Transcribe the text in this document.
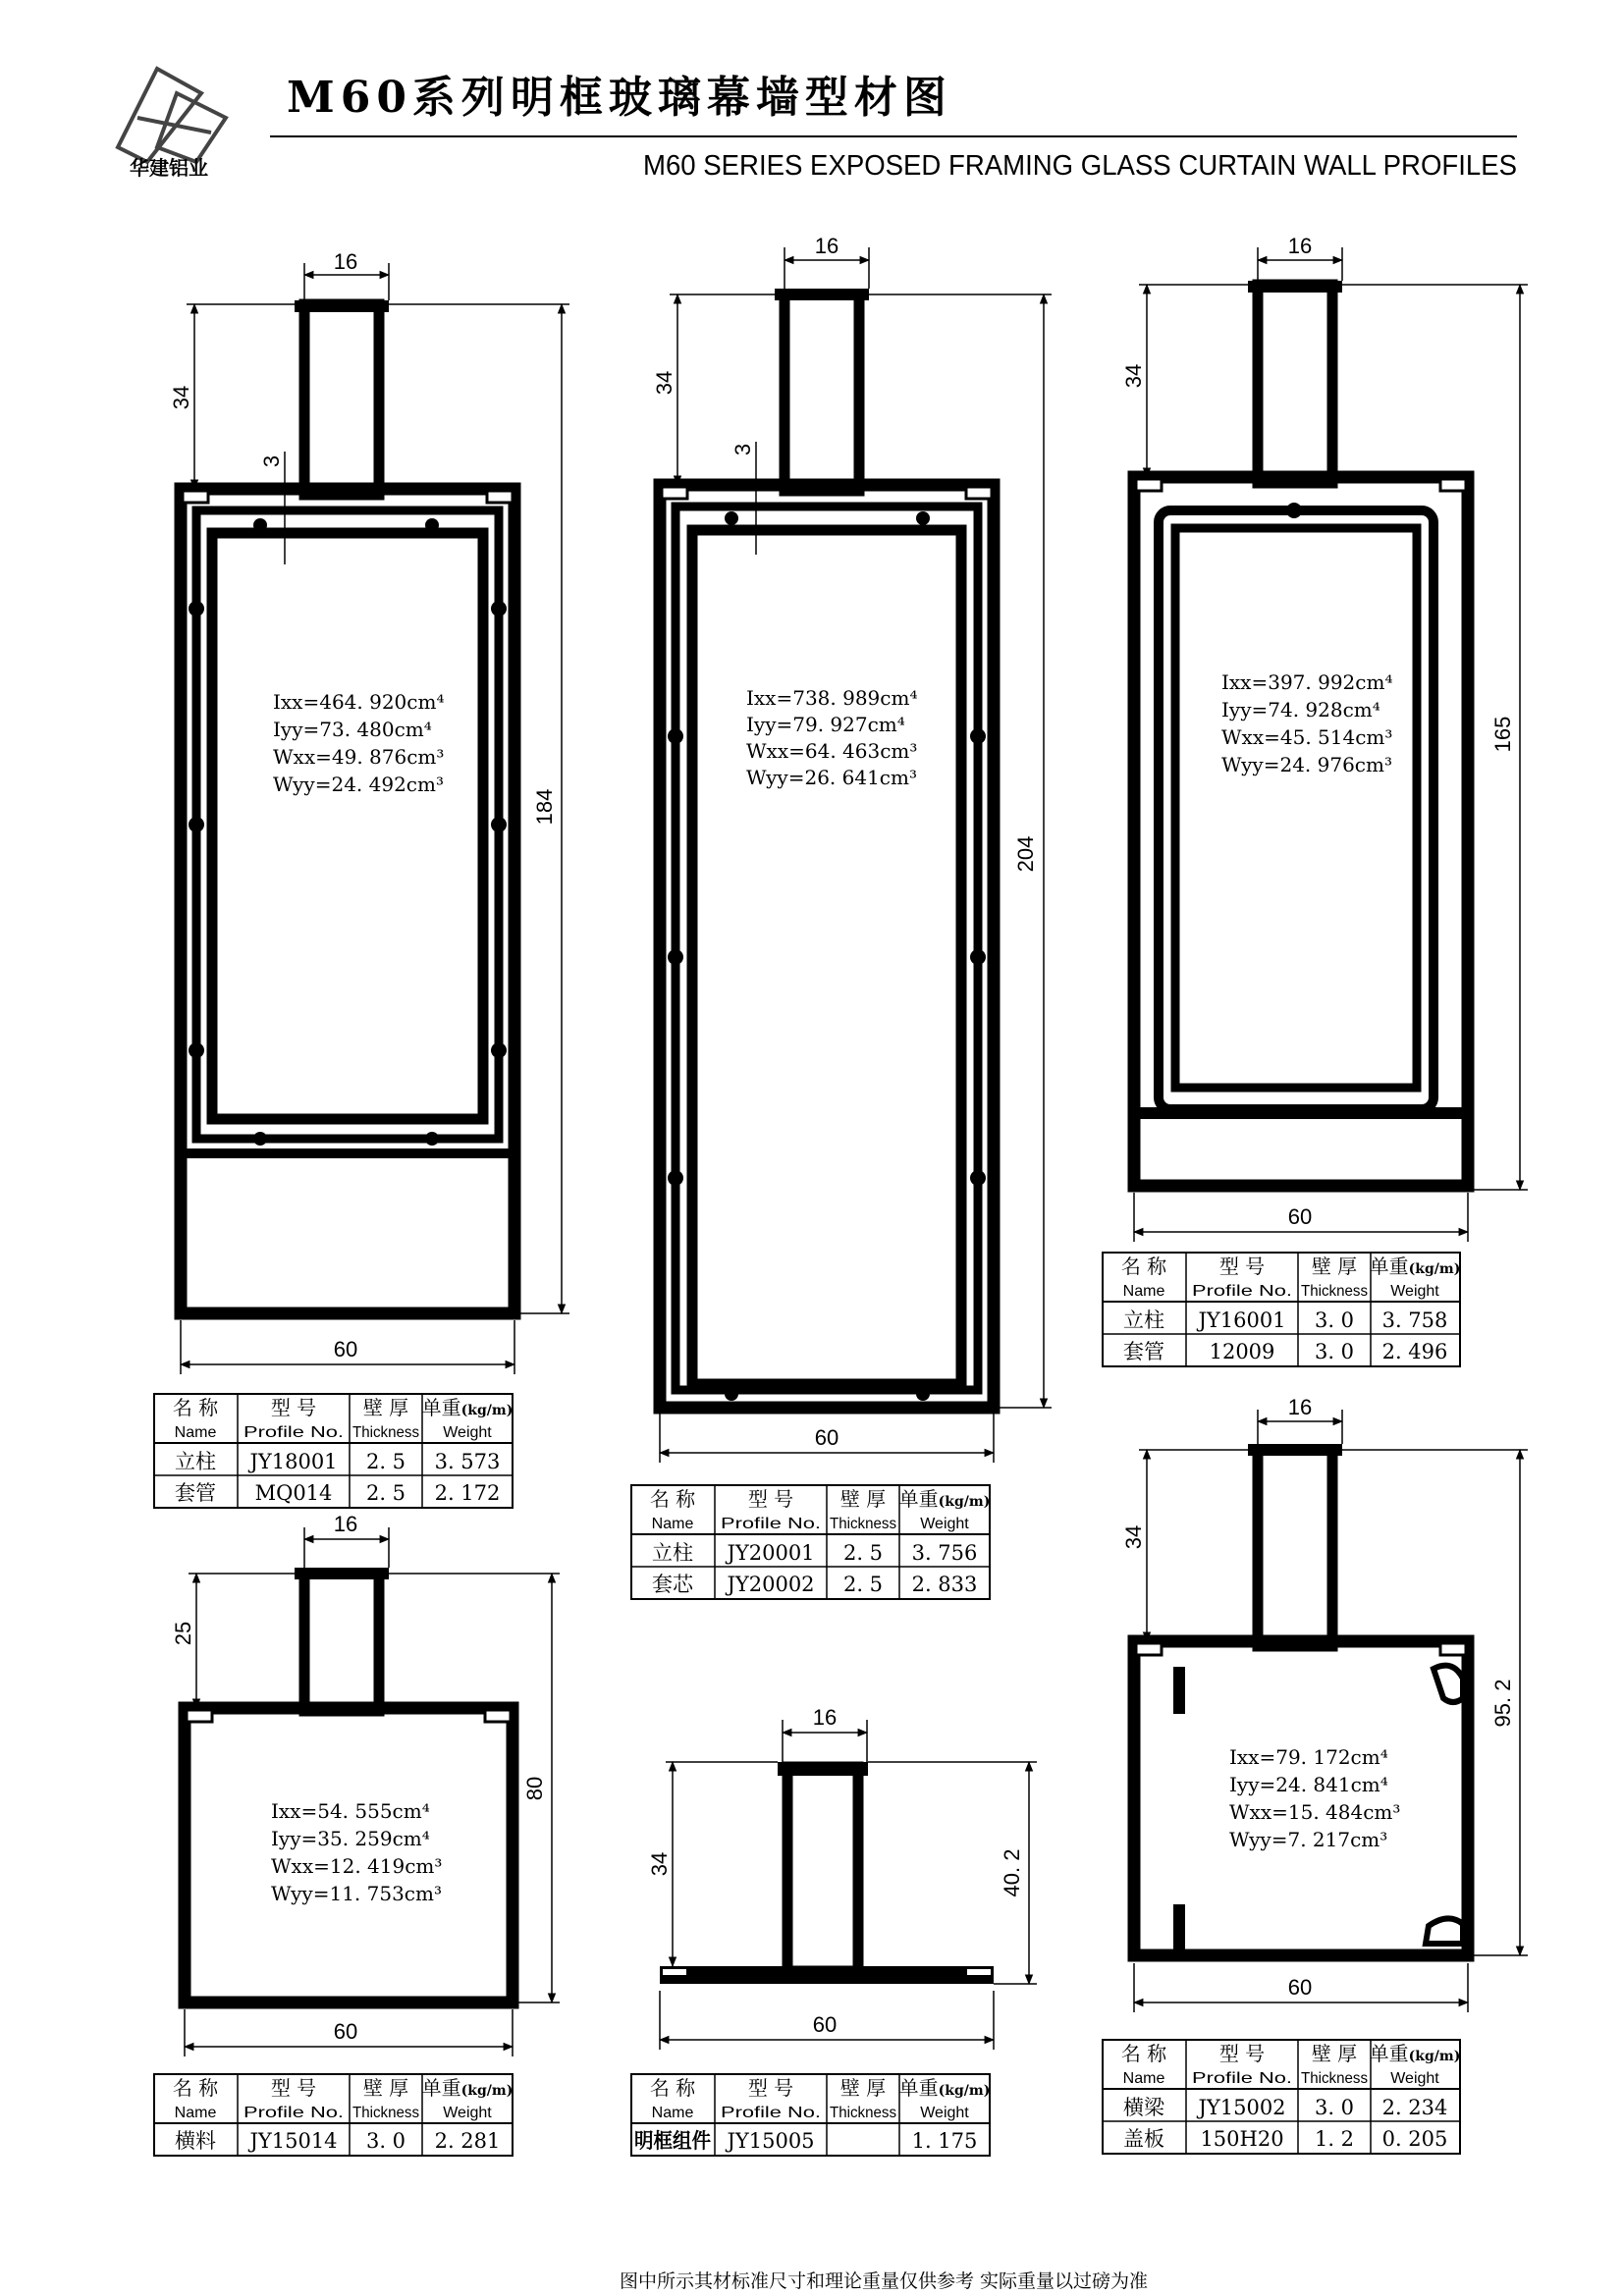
华建铝业
M60系列明框玻璃幕墙型材图
M60 SERIES EXPOSED FRAMING GLASS CURTAIN WALL PROFILES
16
34
3
184
60
Ixx=464. 920cm⁴
Iyy=73. 480cm⁴
Wxx=49. 876cm³
Wyy=24. 492cm³
名 称
Name
型 号
Profile No.
壁 厚
Thickness
单重(kg/m)
Weight
立柱 JY18001 2. 5 3. 573
套管 MQ014 2. 5 2. 172
16
34
3
204
60
Ixx=738. 989cm⁴
Iyy=79. 927cm⁴
Wxx=64. 463cm³
Wyy=26. 641cm³
名 称
Name
型 号
Profile No.
壁 厚
Thickness
单重(kg/m)
Weight
立柱 JY20001 2. 5 3. 756
套芯 JY20002 2. 5 2. 833
16
34
165
60
Ixx=397. 992cm⁴
Iyy=74. 928cm⁴
Wxx=45. 514cm³
Wyy=24. 976cm³
名 称
Name
型 号
Profile No.
壁 厚
Thickness
单重(kg/m)
Weight
立柱 JY16001 3. 0 3. 758
套管 12009 3. 0 2. 496
16
25
80
60
Ixx=54. 555cm⁴
Iyy=35. 259cm⁴
Wxx=12. 419cm³
Wyy=11. 753cm³
名 称
Name
型 号
Profile No.
壁 厚
Thickness
单重(kg/m)
Weight
横料 JY15014 3. 0 2. 281
16
34	40. 2
60
名 称
Name
型 号
Profile No.
壁 厚
Thickness
单重(kg/m)
Weight
明框组件 JY15005	1. 175
16
34
95. 2
60
Ixx=79. 172cm⁴
Iyy=24. 841cm⁴
Wxx=15. 484cm³
Wyy=7. 217cm³
名 称
Name
型 号
Profile No.
壁 厚
Thickness
单重(kg/m)
Weight
横梁 JY15002 3. 0 2. 234
盖板 150H20 1. 2 0. 205
图中所示其材标准尺寸和理论重量仅供参考 实际重量以过磅为准
